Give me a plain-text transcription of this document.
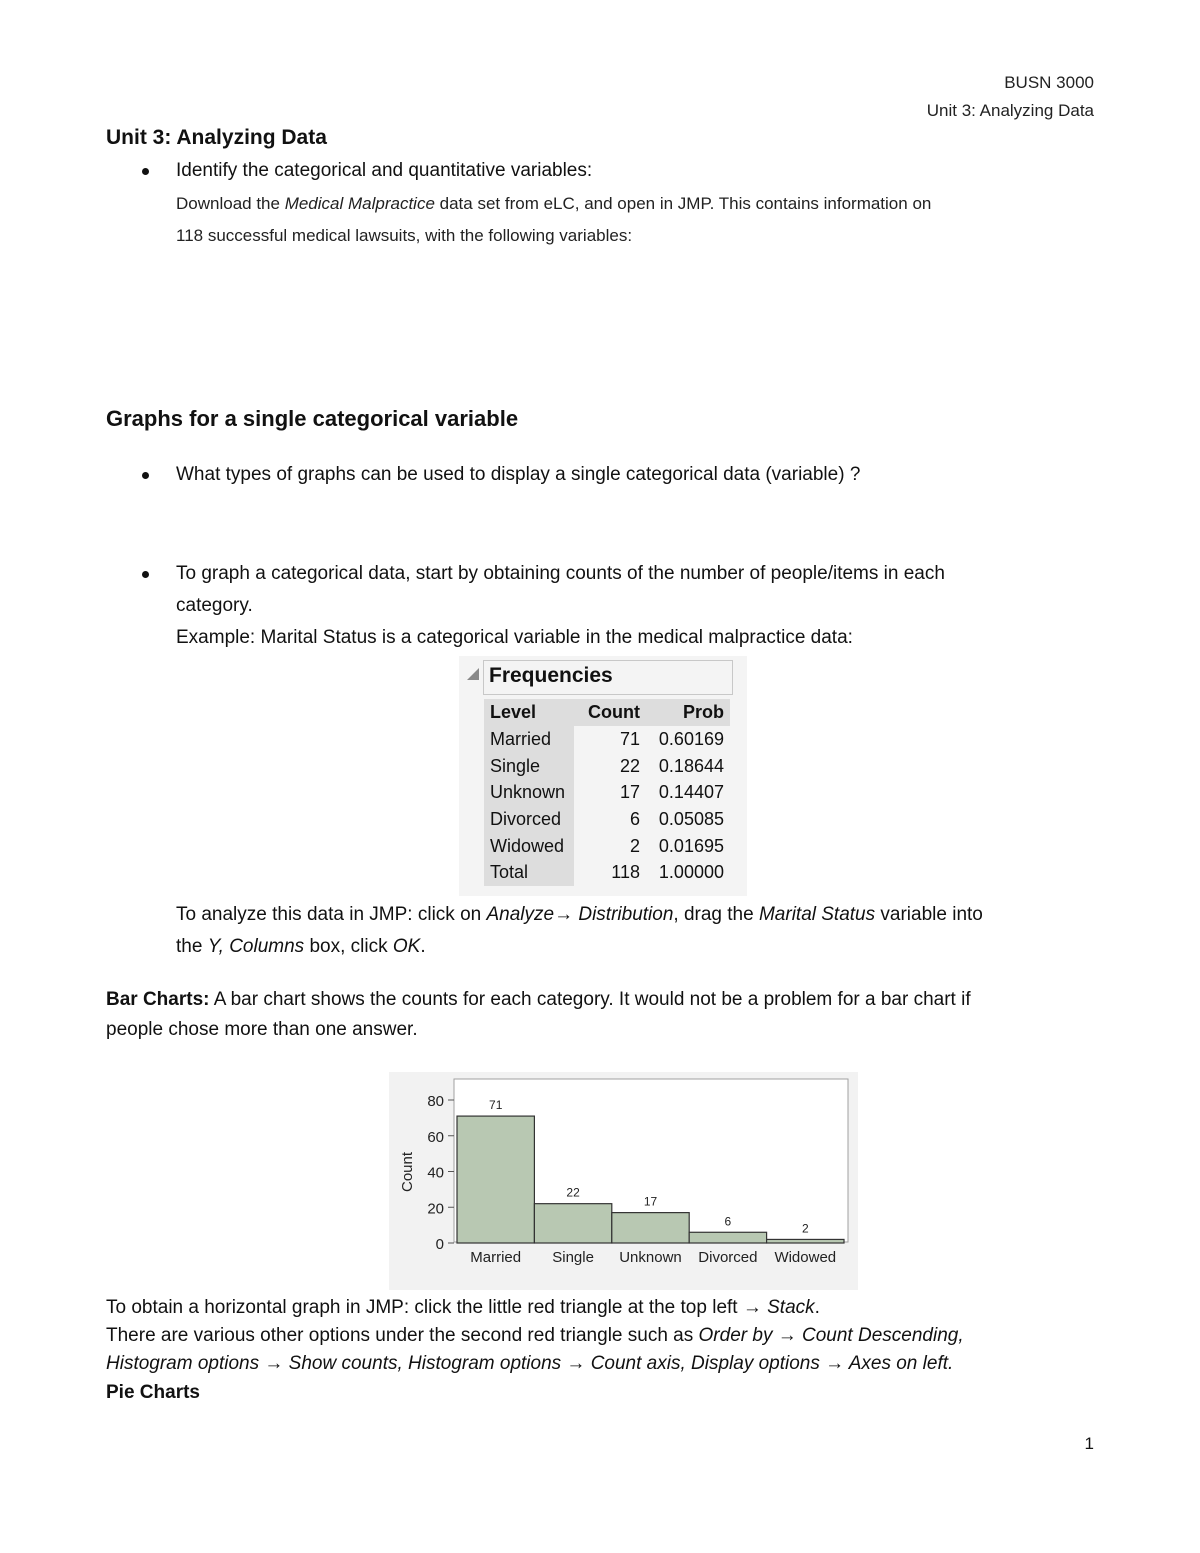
BUSN 3000
Unit 3: Analyzing Data
Unit 3: Analyzing Data
Identify the categorical and quantitative variables:
Download the Medical Malpractice data set from eLC, and open in JMP. This contains information on
118 successful medical lawsuits, with the following variables:
Graphs for a single categorical variable
What types of graphs can be used to display a single categorical data (variable) ?
To graph a categorical data, start by obtaining counts of the number of people/items in each
category.
Example: Marital Status is a categorical variable in the medical malpractice data:
Frequencies
Level	Count	Prob
Married	71	0.60169
Single	22	0.18644
Unknown	17	0.14407
Divorced	6	0.05085
Widowed	2	0.01695
Total	118	1.00000
To analyze this data in JMP: click on Analyze→ Distribution, drag the Marital Status variable into
the Y, Columns box, click OK.
Bar Charts: A bar chart shows the counts for each category. It would not be a problem for a bar chart if
people chose more than one answer.
0
20
40
60
80
Count
71
Married
22
Single
17
Unknown
6
Divorced
2
Widowed
To obtain a horizontal graph in JMP: click the little red triangle at the top left → Stack.
There are various other options under the second red triangle such as Order by → Count Descending,
Histogram options → Show counts, Histogram options → Count axis, Display options → Axes on left.
Pie Charts
1
